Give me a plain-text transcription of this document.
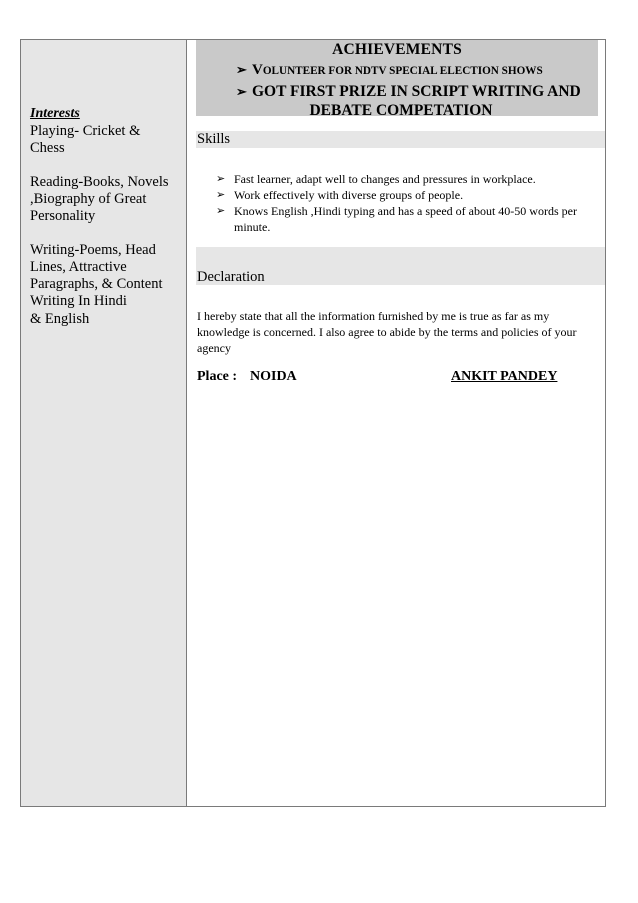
Interests
Playing- Cricket & Chess
Reading-Books, Novels ,Biography of Great Personality
Writing-Poems, Head Lines, Attractive Paragraphs, & Content Writing In Hindi
& English
ACHIEVEMENTS
➢ VOLUNTEER FOR NDTV SPECIAL ELECTION SHOWS
➢ GOT FIRST PRIZE IN SCRIPT WRITING AND
DEBATE COMPETATION
Skills
➢ Fast learner, adapt well to changes and pressures in workplace.
➢ Work effectively with diverse groups of people.
➢ Knows English ,Hindi typing and has a speed of about 40-50 words per minute.
Declaration
I hereby state that all the information furnished by me is true as far as my knowledge is concerned. I also agree to abide by the terms and policies of your agency
Place : NOIDA	ANKIT PANDEY
